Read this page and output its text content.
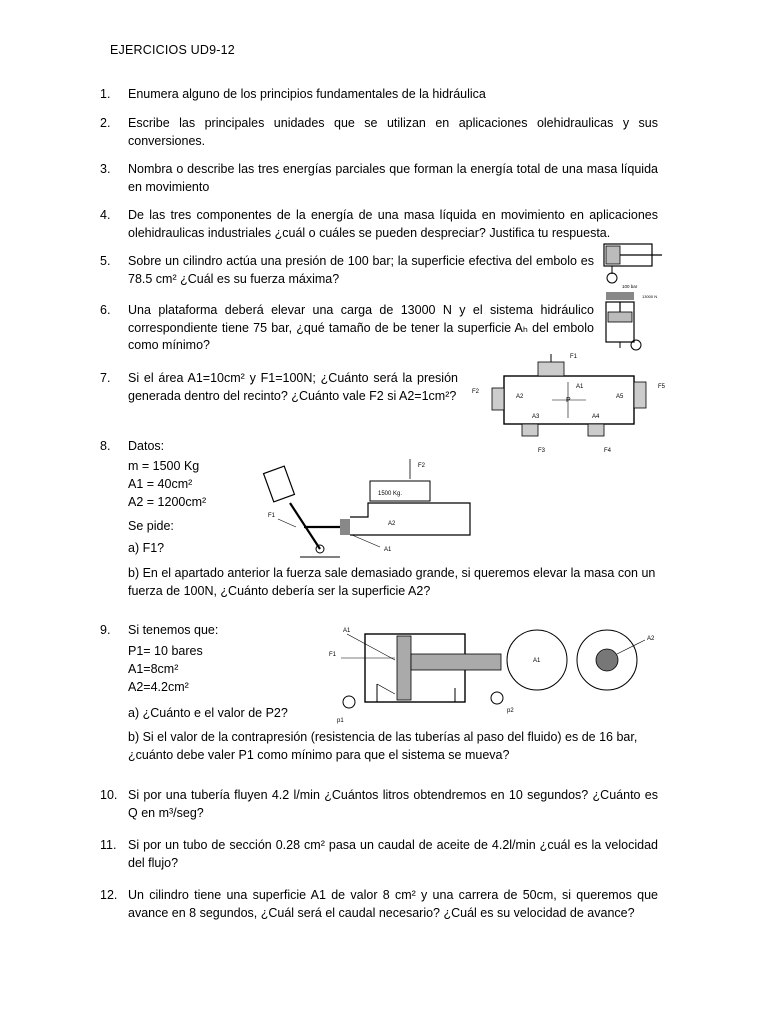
EJERCICIOS UD9-12
1.	Enumera alguno de los principios fundamentales de la hidráulica
2.	Escribe las principales unidades que se utilizan en aplicaciones olehidraulicas y sus conversiones.
3.	Nombra o describe las tres energías parciales que forman la energía total de una masa líquida en movimiento
4.	De las tres componentes de la energía de una masa líquida en movimiento en aplicaciones olehidraulicas industriales ¿cuál o cuáles se pueden despreciar? Justifica tu respuesta.
5.	Sobre un cilindro actúa una presión de 100 bar; la superficie efectiva del embolo es 78.5 cm² ¿Cuál es su fuerza máxima?
100 bar
13000 N
6.	Una plataforma deberá elevar una carga de 13000 N y el sistema hidráulico correspondiente tiene 75 bar, ¿qué tamaño de be tener la superficie Aₕ del embolo como mínimo?
7.	Si el área A1=10cm² y F1=100N; ¿Cuánto será la presión generada dentro del recinto? ¿Cuánto vale F2 si A2=1cm²?
F1
F2
F5
F3	F4
A1
A2
A3	A4
A5
P
8.	Datos:
m = 1500 Kg
A1 = 40cm²
A2 = 1200cm²
Se pide:
a) F1?
b) En el apartado anterior la fuerza sale demasiado grande, si queremos elevar la masa con un fuerza de 100N, ¿Cuánto debería ser la superficie A2?
F1
1500 Kg.
F2
A2
A1
9.	Si tenemos que:
P1= 10 bares
A1=8cm²
A2=4.2cm²
a) ¿Cuánto e el valor de P2?
b) Si el valor de la contrapresión (resistencia de las tuberías al paso del fluido) es de 16 bar, ¿cuánto debe valer P1 como mínimo para que el sistema se mueva?
A1
F1
p1
p2
A1
A2
10. Si por una tubería fluyen 4.2 l/min ¿Cuántos litros obtendremos en 10 segundos? ¿Cuánto es Q en m³/seg?
11. Si por un tubo de sección 0.28 cm² pasa un caudal de aceite de 4.2l/min ¿cuál es la velocidad del flujo?
12. Un cilindro tiene una superficie A1 de valor 8 cm² y una carrera de 50cm, si queremos que avance en 8 segundos, ¿Cuál será el caudal necesario? ¿Cuál es su velocidad de avance?
